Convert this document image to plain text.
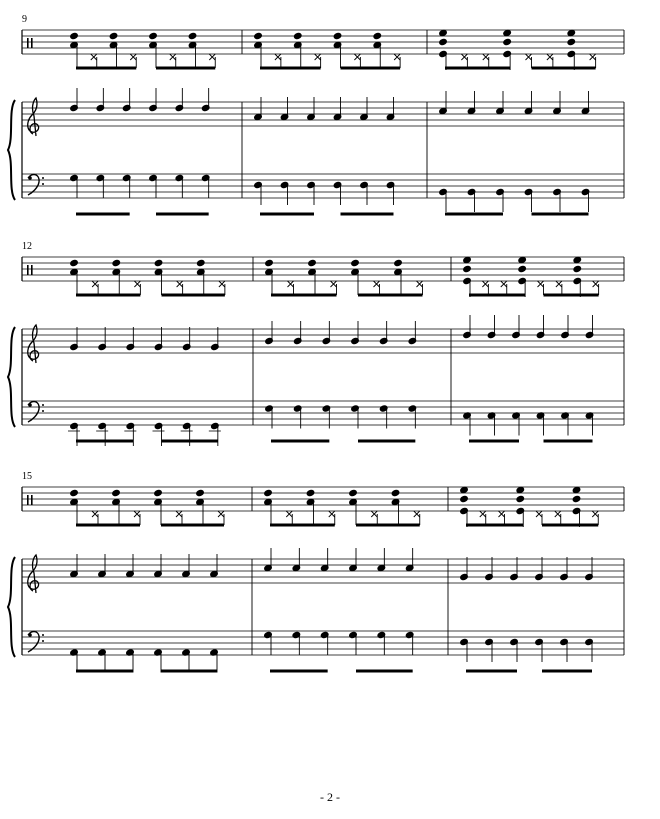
9
12
15
- 2 -
